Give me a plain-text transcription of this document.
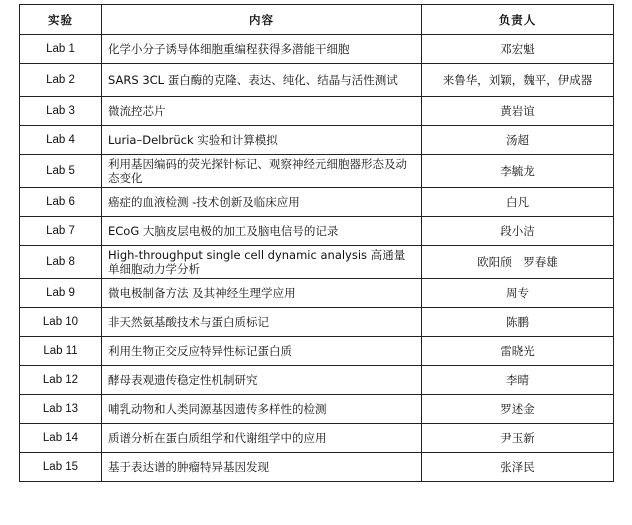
实验	内容	负责人
Lab 1	化学小分子诱导体细胞重编程获得多潜能干细胞	邓宏魁
Lab 2	SARS 3CL 蛋白酶的克隆、表达、纯化、结晶与活性测试	来鲁华，刘颖，魏平，伊成器
Lab 3	微流控芯片	黄岩谊
Lab 4	Luria–Delbrück 实验和计算模拟	汤超
Lab 5	利用基因编码的荧光探针标记、观察神经元细胞器形态及动态变化	李毓龙
Lab 6	癌症的血液检测 -技术创新及临床应用	白凡
Lab 7	ECoG 大脑皮层电极的加工及脑电信号的记录	段小洁
Lab 8	High-throughput single cell dynamic analysis 高通量单细胞动力学分析	欧阳颀　罗春雄
Lab 9	微电极制备方法 及其神经生理学应用	周专
Lab 10	非天然氨基酸技术与蛋白质标记	陈鹏
Lab 11	利用生物正交反应特异性标记蛋白质	雷晓光
Lab 12	酵母表观遗传稳定性机制研究	李晴
Lab 13	哺乳动物和人类同源基因遗传多样性的检测	罗述金
Lab 14	质谱分析在蛋白质组学和代谢组学中的应用	尹玉新
Lab 15	基于表达谱的肿瘤特异基因发现	张泽民
